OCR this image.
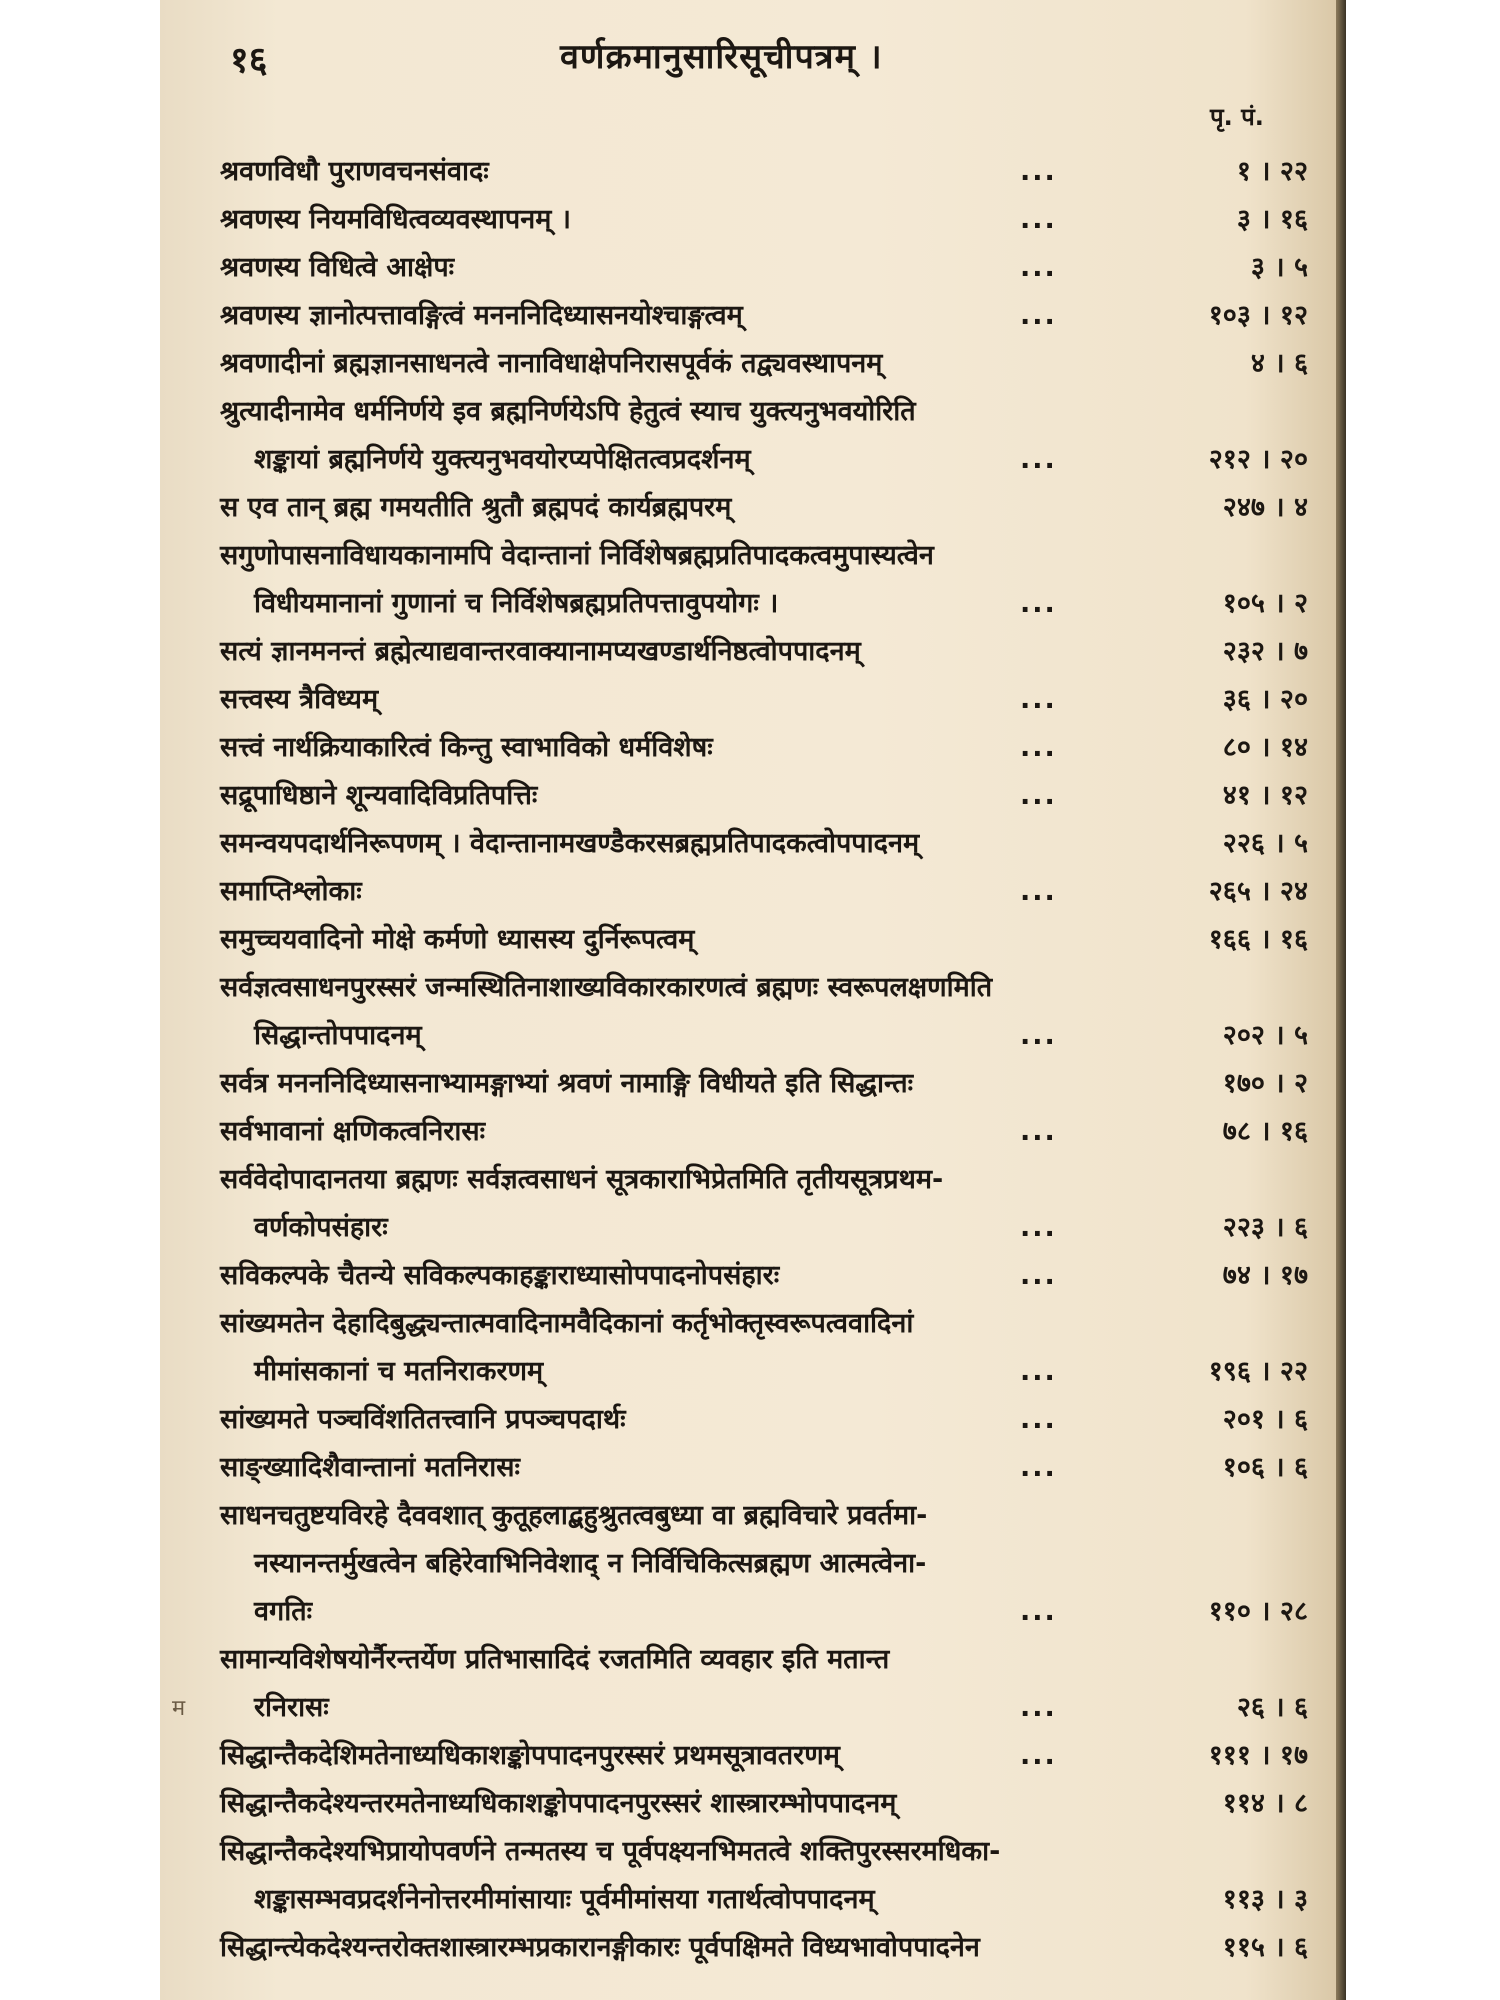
१६	वर्णक्रमानुसारिसूचीपत्रम् ।
पृ. पं.
श्रवणविधौ पुराणवचनसंवादः	...	१ । २२
श्रवणस्य नियमविधित्वव्यवस्थापनम् ।	...	३ । १६
श्रवणस्य विधित्वे आक्षेपः	...	३ । ५
श्रवणस्य ज्ञानोत्पत्तावङ्गित्वं मनननिदिध्यासनयोश्चाङ्गत्वम्	...	१०३ । १२
श्रवणादीनां ब्रह्मज्ञानसाधनत्वे नानाविधाक्षेपनिरासपूर्वकं तद्व्यवस्थापनम्	४ । ६
श्रुत्यादीनामेव धर्मनिर्णये इव ब्रह्मनिर्णयेऽपि हेतुत्वं स्याच युक्त्यनुभवयोरिति
शङ्कायां ब्रह्मनिर्णये युक्त्यनुभवयोरप्यपेक्षितत्वप्रदर्शनम्	...	२१२ । २०
स एव तान् ब्रह्म गमयतीति श्रुतौ ब्रह्मपदं कार्यब्रह्मपरम्	२४७ । ४
सगुणोपासनाविधायकानामपि वेदान्तानां निर्विशेषब्रह्मप्रतिपादकत्वमुपास्यत्वेन
विधीयमानानां गुणानां च निर्विशेषब्रह्मप्रतिपत्तावुपयोगः ।	...	१०५ । २
सत्यं ज्ञानमनन्तं ब्रह्मेत्याद्यवान्तरवाक्यानामप्यखण्डार्थनिष्ठत्वोपपादनम्	२३२ । ७
सत्त्वस्य त्रैविध्यम्	...	३६ । २०
सत्त्वं नार्थक्रियाकारित्वं किन्तु स्वाभाविको धर्मविशेषः	...	८० । १४
सद्रूपाधिष्ठाने शून्यवादिविप्रतिपत्तिः	...	४१ । १२
समन्वयपदार्थनिरूपणम् । वेदान्तानामखण्डैकरसब्रह्मप्रतिपादकत्वोपपादनम्	२२६ । ५
समाप्तिश्लोकाः	...	२६५ । २४
समुच्चयवादिनो मोक्षे कर्मणो ध्यासस्य दुर्निरूपत्वम्	१६६ । १६
सर्वज्ञत्वसाधनपुरस्सरं जन्मस्थितिनाशाख्यविकारकारणत्वं ब्रह्मणः स्वरूपलक्षणमिति
सिद्धान्तोपपादनम्	...	२०२ । ५
सर्वत्र मनननिदिध्यासनाभ्यामङ्गाभ्यां श्रवणं नामाङ्गि विधीयते इति सिद्धान्तः	१७० । २
सर्वभावानां क्षणिकत्वनिरासः	...	७८ । १६
सर्ववेदोपादानतया ब्रह्मणः सर्वज्ञत्वसाधनं सूत्रकाराभिप्रेतमिति तृतीयसूत्रप्रथम-
वर्णकोपसंहारः	...	२२३ । ६
सविकल्पके चैतन्ये सविकल्पकाहङ्काराध्यासोपपादनोपसंहारः	...	७४ । १७
सांख्यमतेन देहादिबुद्ध्यन्तात्मवादिनामवैदिकानां कर्तृभोक्तृस्वरूपत्ववादिनां
मीमांसकानां च मतनिराकरणम्	...	१९६ । २२
सांख्यमते पञ्चविंशतितत्त्वानि प्रपञ्चपदार्थः	...	२०१ । ६
साङ्ख्यादिशैवान्तानां मतनिरासः	...	१०६ । ६
साधनचतुष्टयविरहे दैववशात् कुतूहलाद्बहुश्रुतत्वबुध्या वा ब्रह्मविचारे प्रवर्तमा-
नस्यानन्तर्मुखत्वेन बहिरेवाभिनिवेशाद् न निर्विचिकित्सब्रह्मण आत्मत्वेना-
वगतिः	...	११० । २८
सामान्यविशेषयोर्नैरन्तर्येण प्रतिभासादिदं रजतमिति व्यवहार इति मतान्त
रनिरासः	...	२६ । ६
सिद्धान्तैकदेशिमतेनाध्यधिकाशङ्कोपपादनपुरस्सरं प्रथमसूत्रावतरणम्	...	१११ । १७
सिद्धान्तैकदेश्यन्तरमतेनाध्यधिकाशङ्कोपपादनपुरस्सरं शास्त्रारम्भोपपादनम्	११४ । ८
सिद्धान्तैकदेश्यभिप्रायोपवर्णने तन्मतस्य च पूर्वपक्ष्यनभिमतत्वे शक्तिपुरस्सरमधिका-
शङ्कासम्भवप्रदर्शनेनोत्तरमीमांसायाः पूर्वमीमांसया गतार्थत्वोपपादनम्	११३ । ३
सिद्धान्त्येकदेश्यन्तरोक्तशास्त्रारम्भप्रकारानङ्गीकारः पूर्वपक्षिमते विध्यभावोपपादनेन	११५ । ६
म
